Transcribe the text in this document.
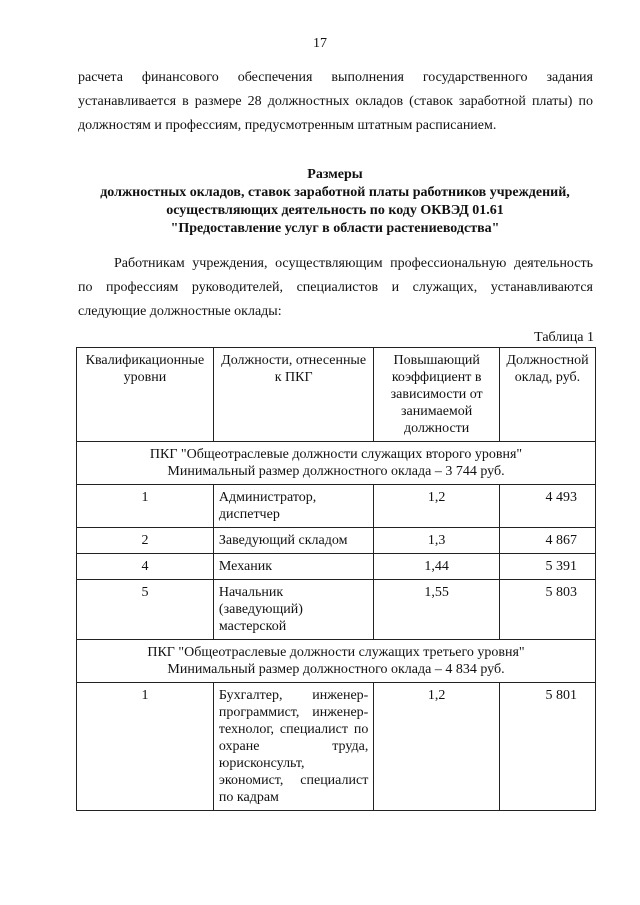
17
расчета финансового обеспечения выполнения государственного задания устанавливается в размере 28 должностных окладов (ставок заработной платы) по должностям и профессиям, предусмотренным штатным расписанием.
Размеры
должностных окладов, ставок заработной платы работников учреждений,
осуществляющих деятельность по коду ОКВЭД 01.61
"Предоставление услуг в области растениеводства"
Работникам учреждения, осуществляющим профессиональную деятельность по профессиям руководителей, специалистов и служащих, устанавливаются следующие должностные оклады:
Таблица 1
Квалификационные уровни	Должности, отнесенные к ПКГ	Повышающий коэффициент в зависимости от занимаемой должности	Должностной оклад, руб.

ПКГ "Общеотраслевые должности служащих второго уровня"
Минимальный размер должностного оклада – 3 744 руб.			

1	Администратор, диспетчер	1,2	4 493
2	Заведующий складом	1,3	4 867
4	Механик	1,44	5 391
5	Начальник (заведующий) мастерской	1,55	5 803

ПКГ "Общеотраслевые должности служащих третьего уровня"
Минимальный размер должностного оклада – 4 834 руб.			

1	Бухгалтер, инженер-программист, инженер-технолог, специалист по охране труда, юрисконсульт, экономист, специалист по кадрам	1,2	5 801
